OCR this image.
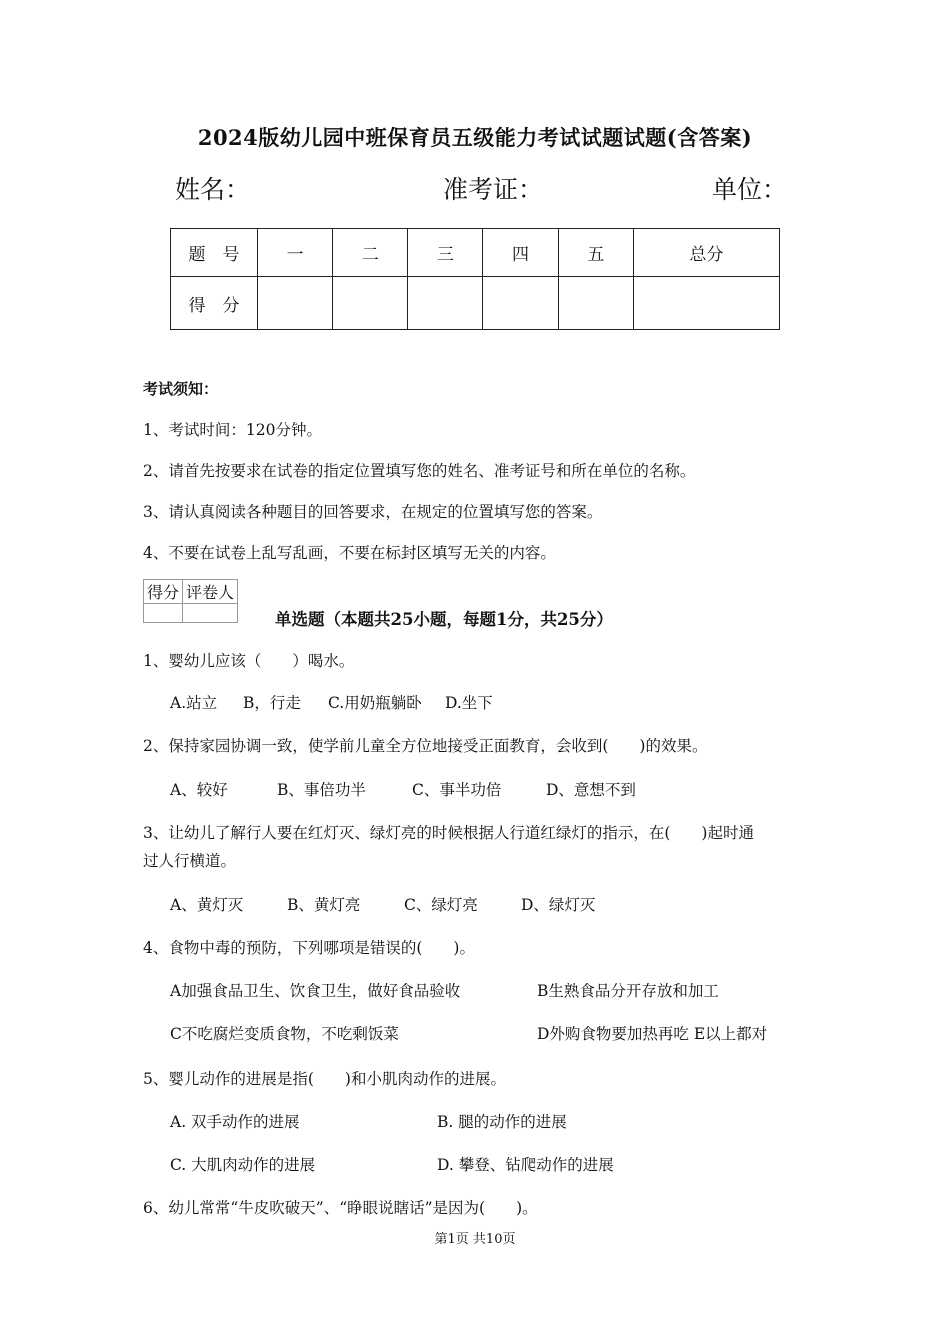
2024版幼儿园中班保育员五级能力考试试题试题(含答案)
姓名：	准考证：	单位：
题　号	一	二	三	四	五	总分
得　分						
考试须知：
1、考试时间：120分钟。
2、请首先按要求在试卷的指定位置填写您的姓名、准考证号和所在单位的名称。
3、请认真阅读各种题目的回答要求，在规定的位置填写您的答案。
4、不要在试卷上乱写乱画，不要在标封区填写无关的内容。
得分	评卷人

单选题（本题共25小题，每题1分，共25分）
1、婴幼儿应该（　　）喝水。
A.站立 B，行走 C.用奶瓶躺卧 D.坐下
2、保持家园协调一致，使学前儿童全方位地接受正面教育，会收到(　　)的效果。
A、较好	B、事倍功半	C、事半功倍	D、意想不到
3、让幼儿了解行人要在红灯灭、绿灯亮的时候根据人行道红绿灯的指示，在(　　)起时通
过人行横道。
A、黄灯灭	B、黄灯亮	C、绿灯亮	D、绿灯灭
4、食物中毒的预防，下列哪项是错误的(　　)。
A加强食品卫生、饮食卫生，做好食品验收	B生熟食品分开存放和加工
C不吃腐烂变质食物，不吃剩饭菜	D外购食物要加热再吃 E以上都对
5、婴儿动作的进展是指(　　)和小肌肉动作的进展。
A. 双手动作的进展	B. 腿的动作的进展
C. 大肌肉动作的进展	D. 攀登、钻爬动作的进展
6、幼儿常常“牛皮吹破天”、“睁眼说瞎话”是因为(　　)。
第1页 共10页
